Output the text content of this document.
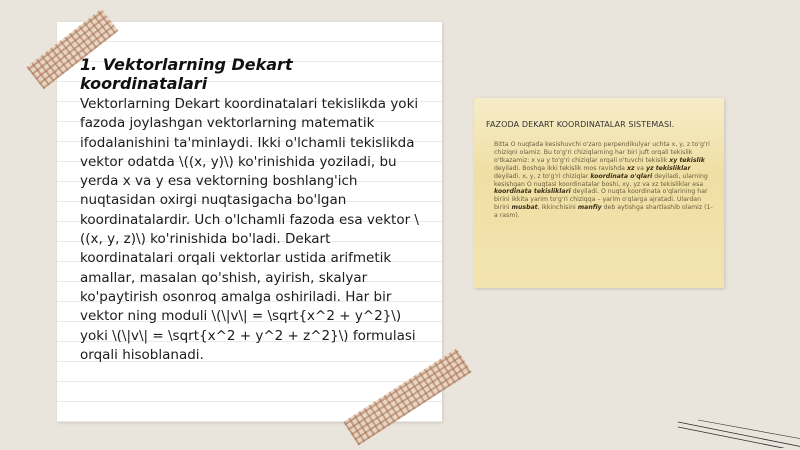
1. Vektorlarning Dekart koordinatalari

Vektorlarning Dekart koordinatalari tekislikda yoki fazoda joylashgan vektorlarning matematik ifodalanishini ta'minlaydi. Ikki o'lchamli tekislikda vektor odatda \((x, y)\) ko'rinishida yoziladi, bu yerda x va y esa vektorning boshlang'ich nuqtasidan oxirgi nuqtasigacha bo'lgan koordinatalardir. Uch o'lchamli fazoda esa vektor \((x, y, z)\) ko'rinishida bo'ladi. Dekart koordinatalari orqali vektorlar ustida arifmetik amallar, masalan qo'shish, ayirish, skalyar ko'paytirish osonroq amalga oshiriladi. Har bir vektor ning moduli \(\|v\| = \sqrt{x^2 + y^2}\) yoki \(\|v\| = \sqrt{x^2 + y^2 + z^2}\) formulasi orqali hisoblanadi.

FAZODA DEKART KOORDINATALAR SISTEMASI.

Bitta O nuqtada kesishuvchi o'zaro perpendikulyar uchta x, y, z to'g'ri chiziqni olamiz. Bu to'g'ri chiziqlarning har biri juft orqali tekislik o'tkazamiz: x va y to'g'ri chiziqlar orqali o'tuvchi tekislik xy tekislik deyiladi. Boshqa ikki tekislik mos ravishda xz va yz tekisliklar deyiladi. x, y, z to'g'ri chiziqlar koordinata o'qlari deyiladi, ularning kesishgan O nuqtasi koordinatalar boshi, xy, yz va xz tekisliklar esa koordinata tekisliklari deyiladi. O nuqta koordinata o'qlarining har birini ikkita yarim to'g'ri chiziqqa – yarim o'qlarga ajratadi. Ulardan birini musbat, ikkinchisini manfiy deb aytishga shartlashib olamiz (1-a rasm).
